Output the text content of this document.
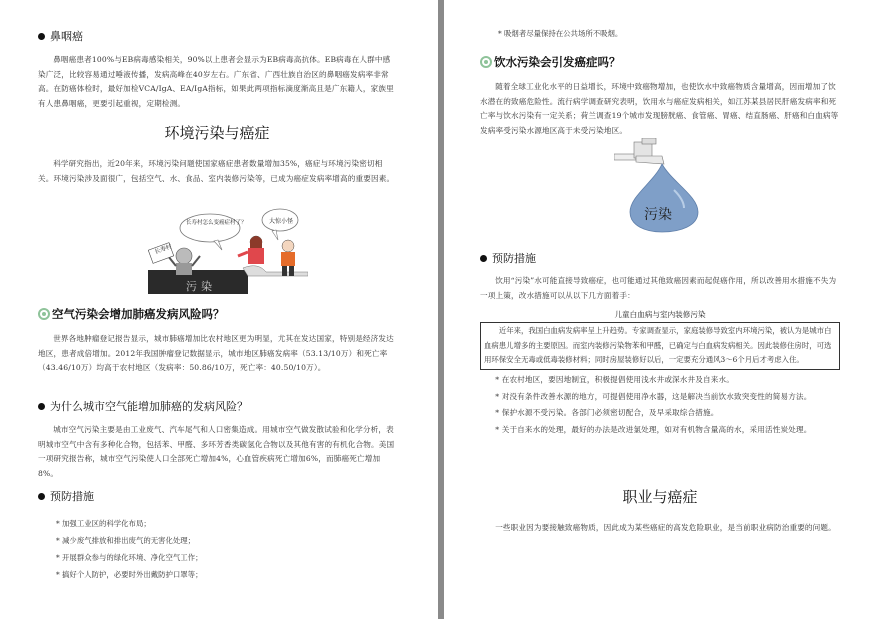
鼻咽癌

鼻咽癌患者100%与EB病毒感染相关，90%以上患者会显示为EB病毒高抗体。EB病毒在人群中感染广泛，比较容易通过唾液传播，发病高峰在40岁左右。广东省、广西壮族自治区的鼻咽癌发病率非常高。在防癌体检时，最好加检VCA/IgA、EA/IgA指标，如果此两项指标滴度渐高且是广东籍人，家族里有人患鼻咽癌，更要引起重视，定期检测。

环境污染与癌症

科学研究指出，近20年来，环境污染问题使国家癌症患者数量增加35%，癌症与环境污染密切相关。环境污染涉及面很广，包括空气、水、食品、室内装修污染等，已成为癌症发病率增高的重要因素。

长寿村怎么变癌症村了？	大惊小怪
长寿村
污染
空气污染会增加肺癌发病风险吗？

世界各地肿瘤登记报告显示，城市肺癌增加比农村地区更为明显，尤其在发达国家，特别是经济发达地区，患者成倍增加。2012年我国肿瘤登记数据显示，城市地区肺癌发病率（53.13/10万）和死亡率（43.46/10万）均高于农村地区（发病率：50.86/10万，死亡率：40.50/10万）。

为什么城市空气能增加肺癌的发病风险？

城市空气污染主要是由工业废气、汽车尾气和人口密集造成。用城市空气做发散试验和化学分析，表明城市空气中含有多种化合物，包括苯、甲醛、多环芳香类碳氢化合物以及其他有害的有机化合物。美国一项研究报告称，城市空气污染使人口全部死亡增加4%，心血管疾病死亡增加6%，而肺癌死亡增加8%。

预防措施

* 加强工业区的科学化布局；

* 减少废气排放和排出废气的无害化处理；

* 开展群众参与的绿化环境、净化空气工作；

* 搞好个人防护，必要时外出戴防护口罩等；

* 吸烟者尽量保持在公共场所不吸烟。

饮水污染会引发癌症吗？

随着全球工业化水平的日益增长，环境中致癌物增加，也使饮水中致癌物质含量增高，因而增加了饮水潜在的致癌危险性。流行病学调查研究表明，饮用水与癌症发病相关，如江苏某县居民肝癌发病率和死亡率与饮水污染有一定关系；荷兰调查19个城市发现膀胱癌、食管癌、胃癌、结直肠癌、肝癌和白血病等发病率受污染水源地区高于未受污染地区。

污染
预防措施

饮用“污染”水可能直接导致癌症，也可能通过其他致癌因素而起促癌作用，所以改善用水措施不失为一项上策，改水措施可以从以下几方面着手：

儿童白血病与室内装修污染

近年来，我国白血病发病率呈上升趋势。专家调查显示，家庭装修导致室内环境污染，被认为是城市白血病患儿增多的主要原因。而室内装修污染物苯和甲醛，已确定与白血病发病相关。因此装修住房时，可选用环保安全无毒或低毒装修材料；同时房屋装修好以后，一定要充分通风3～6个月后才考虑入住。

* 在农村地区，要因地制宜，积极提倡使用浅水井或深水井及自来水。

* 对没有条件改善水源的地方，可提倡使用净水器，这是解决当前饮水致突变性的简易方法。

* 保护水源不受污染。各部门必须密切配合，及早采取综合措施。

* 关于自来水的处理，最好的办法是改进氯处理，如对有机物含量高的水，采用活性炭处理。

职业与癌症

一些职业因为要接触致癌物质，因此成为某些癌症的高发危险职业，是当前职业病防治重要的问题。
